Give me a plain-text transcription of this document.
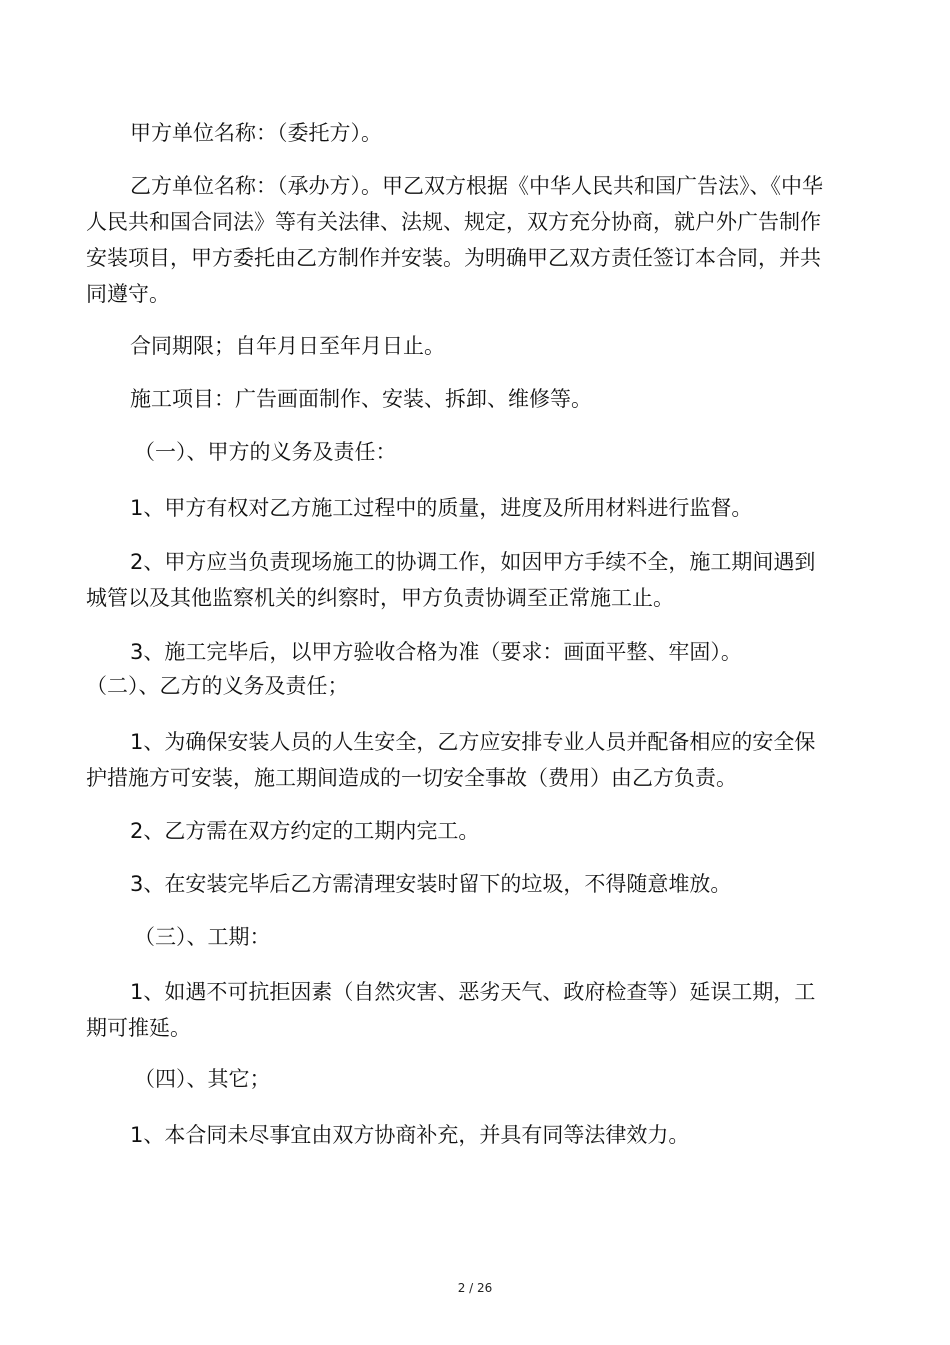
甲方单位名称：（委托方）。

乙方单位名称：（承办方）。甲乙双方根据《中华人民共和国广告法》、《中华人民共和国合同法》等有关法律、法规、规定，双方充分协商，就户外广告制作安装项目，甲方委托由乙方制作并安装。为明确甲乙双方责任签订本合同，并共同遵守。

合同期限；自年月日至年月日止。

施工项目：广告画面制作、安装、拆卸、维修等。

（一）、甲方的义务及责任：

1、甲方有权对乙方施工过程中的质量，进度及所用材料进行监督。

2、甲方应当负责现场施工的协调工作，如因甲方手续不全，施工期间遇到城管以及其他监察机关的纠察时，甲方负责协调至正常施工止。

3、施工完毕后，以甲方验收合格为准（要求：画面平整、牢固）。

（二）、乙方的义务及责任；

1、为确保安装人员的人生安全，乙方应安排专业人员并配备相应的安全保护措施方可安装，施工期间造成的一切安全事故（费用）由乙方负责。

2、乙方需在双方约定的工期内完工。

3、在安装完毕后乙方需清理安装时留下的垃圾，不得随意堆放。

（三）、工期：

1、如遇不可抗拒因素（自然灾害、恶劣天气、政府检查等）延误工期，工期可推延。

（四）、其它；

1、本合同未尽事宜由双方协商补充，并具有同等法律效力。

2 / 26
